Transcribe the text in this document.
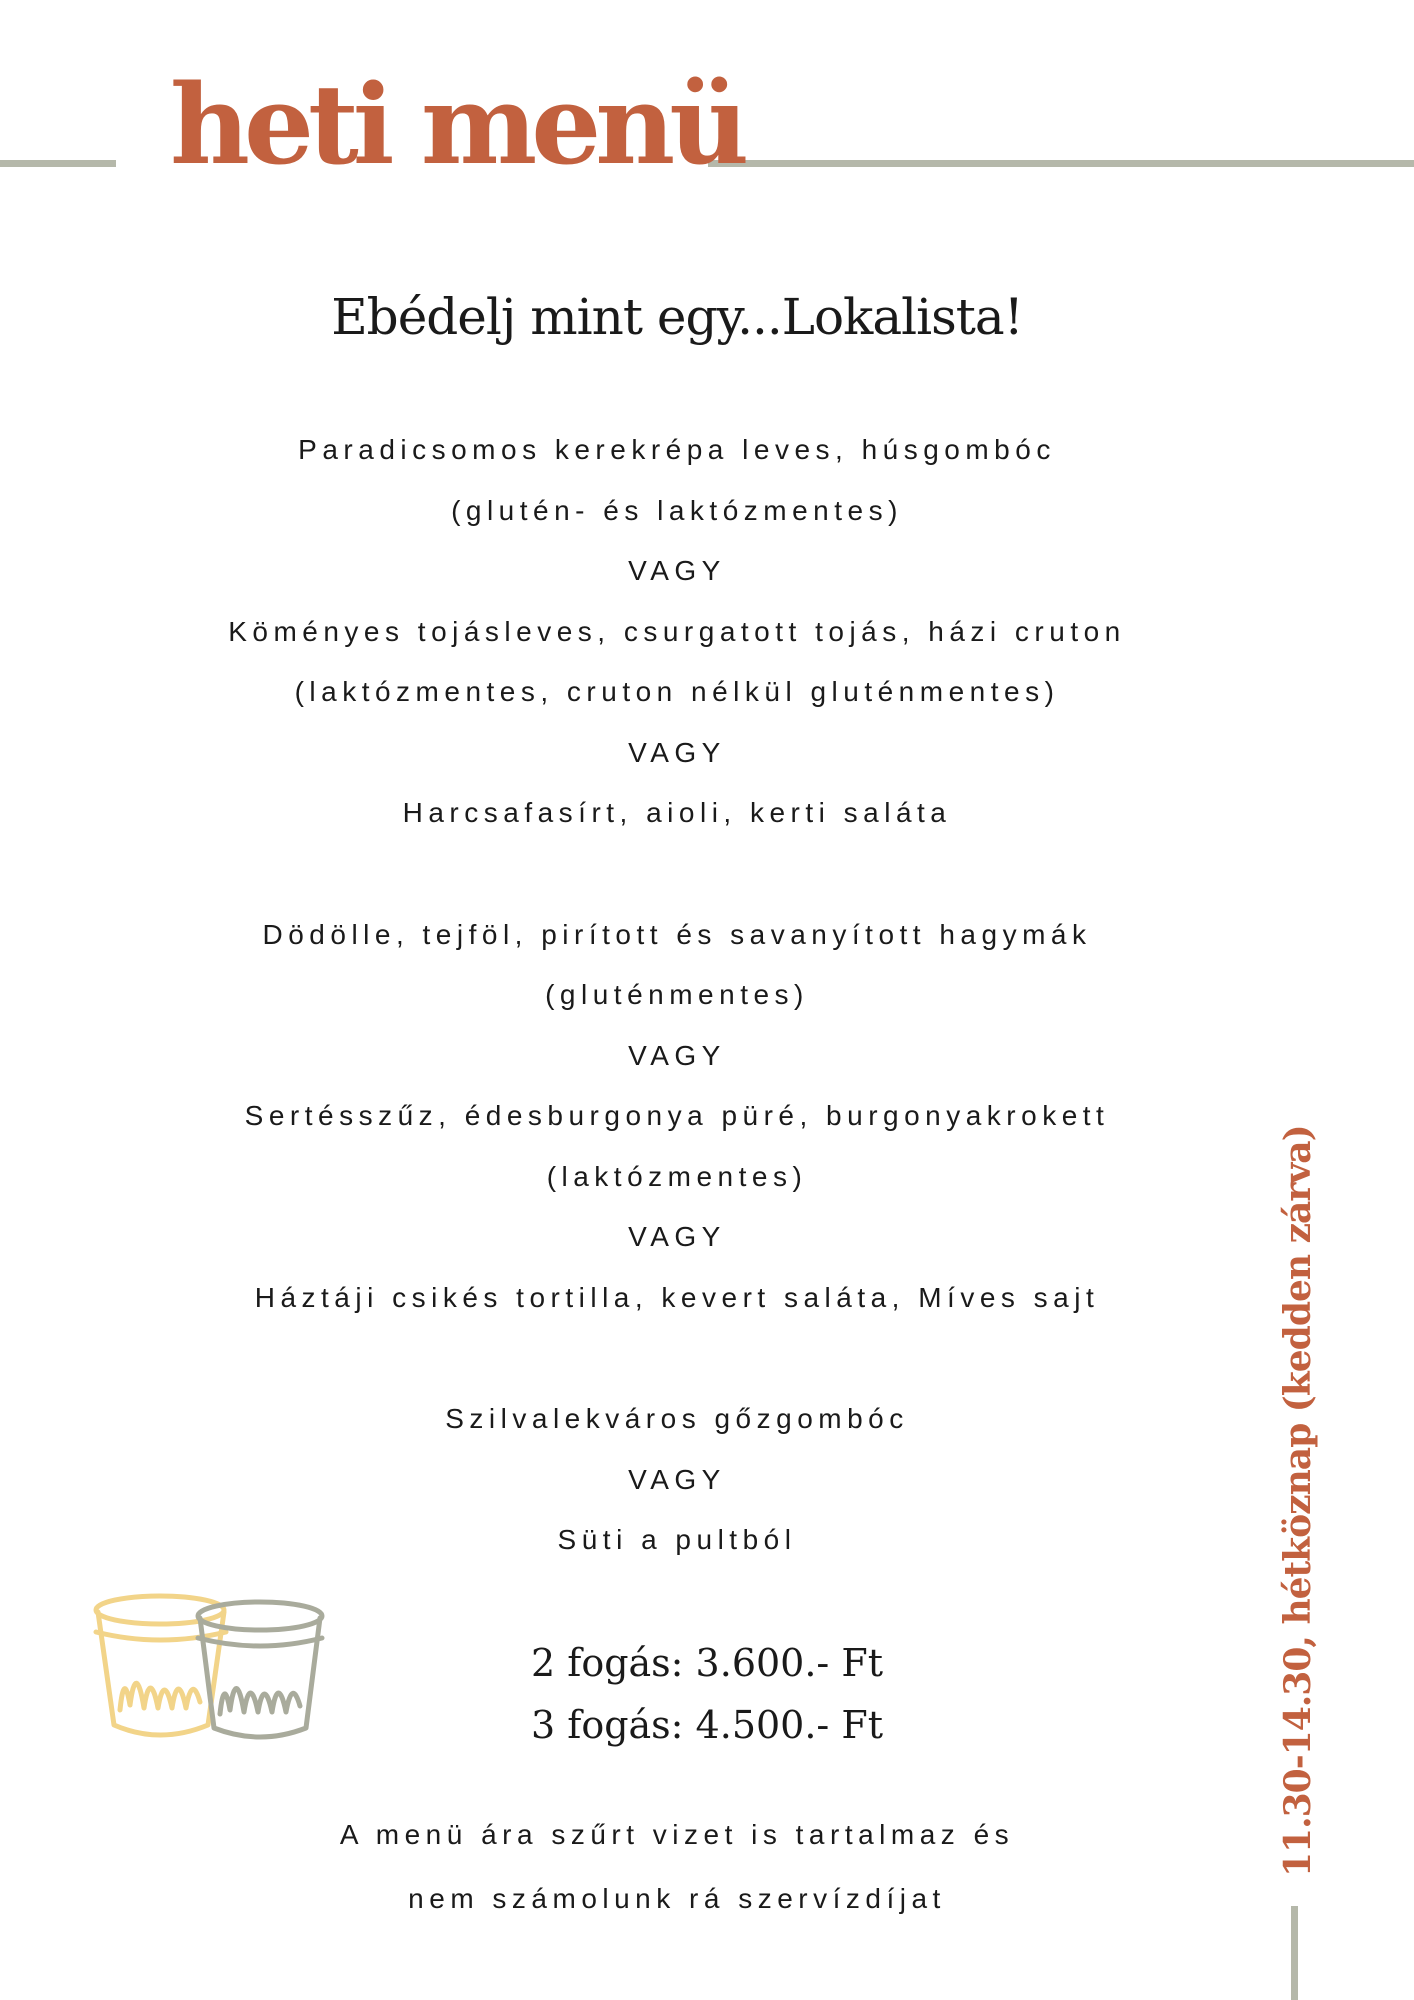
heti menü
Ebédelj mint egy...Lokalista!
Paradicsomos kerekrépa leves, húsgombóc
(glutén- és laktózmentes)
VAGY
Köményes tojásleves, csurgatott tojás, házi cruton
(laktózmentes, cruton nélkül gluténmentes)
VAGY
Harcsafasírt, aioli, kerti saláta
Dödölle, tejföl, pirított és savanyított hagymák
(gluténmentes)
VAGY
Sertésszűz, édesburgonya püré, burgonyakrokett
(laktózmentes)
VAGY
Háztáji csikés tortilla, kevert saláta, Míves sajt
Szilvalekváros gőzgombóc
VAGY
Süti a pultból
2 fogás: 3.600.- Ft
3 fogás: 4.500.- Ft
A menü ára szűrt vizet is tartalmaz és
nem számolunk rá szervízdíjat
11.30-14.30, hétköznap (kedden zárva)
